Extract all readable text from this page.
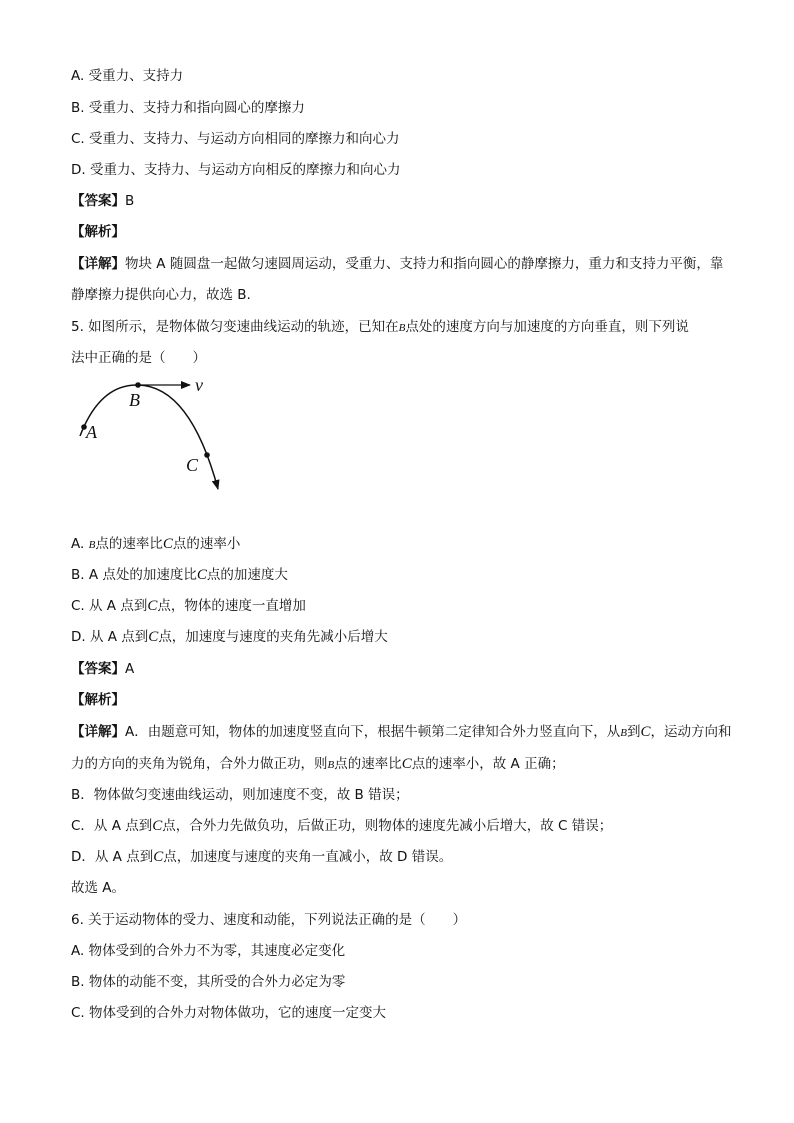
A. 受重力、支持力
B. 受重力、支持力和指向圆心的摩擦力
C. 受重力、支持力、与运动方向相同的摩擦力和向心力
D. 受重力、支持力、与运动方向相反的摩擦力和向心力
【答案】B
【解析】
【详解】物块 A 随圆盘一起做匀速圆周运动，受重力、支持力和指向圆心的静摩擦力，重力和支持力平衡，靠静摩擦力提供向心力，故选 B.
5. 如图所示，是物体做匀变速曲线运动的轨迹，已知在B点处的速度方向与加速度的方向垂直，则下列说
法中正确的是（　　）
A
B
C
v
A. B点的速率比C点的速率小
B. A 点处的加速度比C点的加速度大
C. 从 A 点到C点，物体的速度一直增加
D. 从 A 点到C点，加速度与速度的夹角先减小后增大
【答案】A
【解析】
【详解】A．由题意可知，物体的加速度竖直向下，根据牛顿第二定律知合外力竖直向下，从B到C，运动方向和力的方向的夹角为锐角，合外力做正功，则B点的速率比C点的速率小，故 A 正确；
B．物体做匀变速曲线运动，则加速度不变，故 B 错误；
C．从 A 点到C点，合外力先做负功，后做正功，则物体的速度先减小后增大，故 C 错误；
D．从 A 点到C点，加速度与速度的夹角一直减小，故 D 错误。
故选 A。
6. 关于运动物体的受力、速度和动能，下列说法正确的是（　　）
A. 物体受到的合外力不为零，其速度必定变化
B. 物体的动能不变，其所受的合外力必定为零
C. 物体受到的合外力对物体做功，它的速度一定变大
